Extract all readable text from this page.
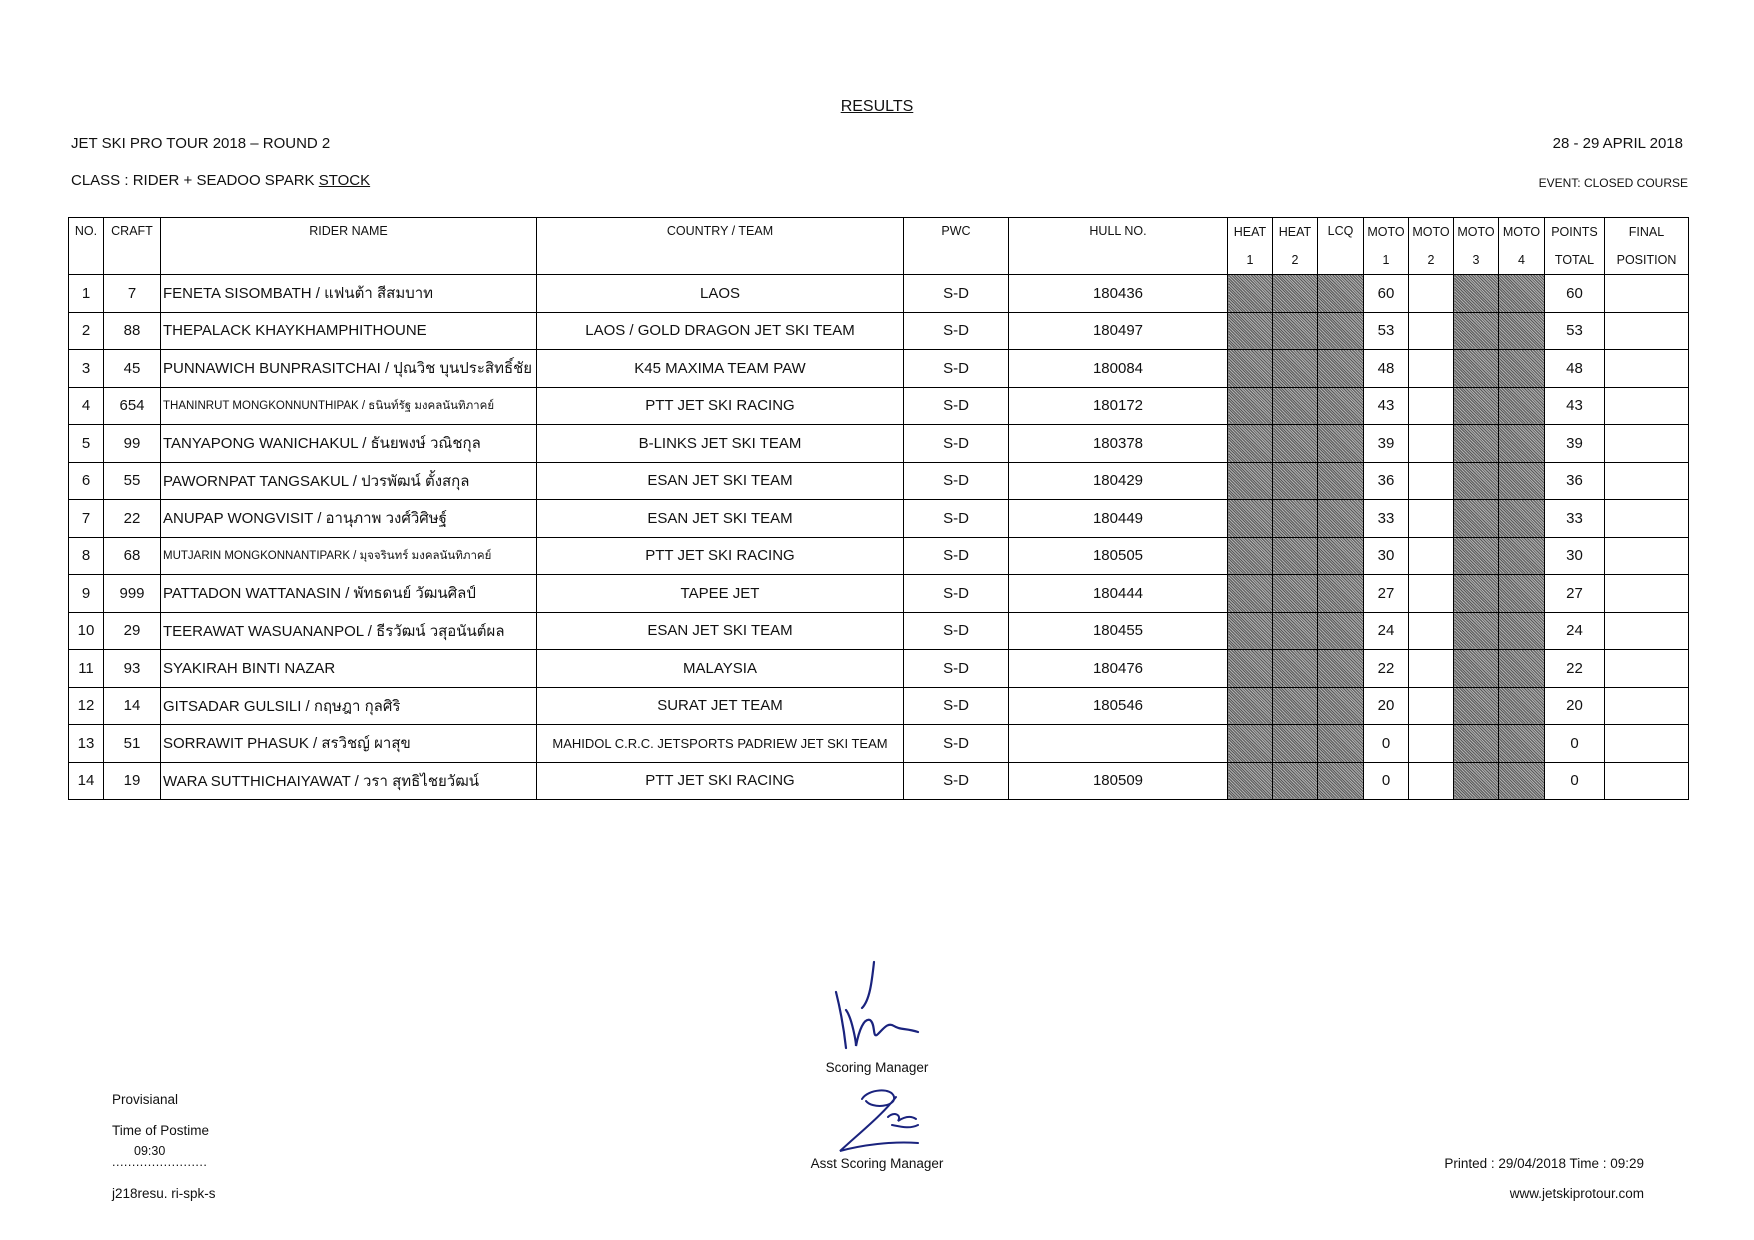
RESULTS
JET SKI PRO TOUR 2018 – ROUND 2	28 - 29 APRIL 2018
CLASS : RIDER + SEADOO SPARK STOCK	EVENT: CLOSED COURSE
NO.	CRAFT	RIDER NAME	COUNTRY / TEAM	PWC	HULL NO.	HEAT	HEAT	LCQ	MOTO	MOTO	MOTO	MOTO	POINTS	FINAL
						1	2		1	2	3	4	TOTAL	POSITION
1	7	FENETA SISOMBATH / แฟนต้า สีสมบาท	LAOS	S-D	180436				60				60	
2	88	THEPALACK KHAYKHAMPHITHOUNE	LAOS / GOLD DRAGON JET SKI TEAM	S-D	180497				53				53	
3	45	PUNNAWICH BUNPRASITCHAI / ปุณวิช บุนประสิทธิ์ชัย	K45 MAXIMA TEAM PAW	S-D	180084				48				48	
4	654	THANINRUT MONGKONNUNTHIPAK / ธนินท์รัฐ มงคลนันทิภาคย์	PTT JET SKI RACING	S-D	180172				43				43	
5	99	TANYAPONG WANICHAKUL / ธันยพงษ์ วณิชกุล	B-LINKS JET SKI TEAM	S-D	180378				39				39	
6	55	PAWORNPAT TANGSAKUL / ปวรพัฒน์ ตั้งสกุล	ESAN JET SKI TEAM	S-D	180429				36				36	
7	22	ANUPAP WONGVISIT / อานุภาพ วงศ์วิศิษฐ์	ESAN JET SKI TEAM	S-D	180449				33				33	
8	68	MUTJARIN MONGKONNANTIPARK / มุจจรินทร์ มงคลนันทิภาคย์	PTT JET SKI RACING	S-D	180505				30				30	
9	999	PATTADON WATTANASIN / พัทธดนย์ วัฒนศิลป์	TAPEE JET	S-D	180444				27				27	
10	29	TEERAWAT WASUANANPOL / ธีรวัฒน์ วสุอนันต์ผล	ESAN JET SKI TEAM	S-D	180455				24				24	
11	93	SYAKIRAH BINTI NAZAR	MALAYSIA	S-D	180476				22				22	
12	14	GITSADAR GULSILI / กฤษฎา กุลศิริ	SURAT JET TEAM	S-D	180546				20				20	
13	51	SORRAWIT PHASUK / สรวิชญ์ ผาสุข	MAHIDOL C.R.C. JETSPORTS PADRIEW JET SKI TEAM	S-D					0				0	
14	19	WARA SUTTHICHAIYAWAT / วรา สุทธิไชยวัฒน์	PTT JET SKI RACING	S-D	180509				0				0	
Scoring Manager
Asst Scoring Manager
Provisianal
Time of Postime
09:30
........................
j218resu. ri-spk-s
Printed : 29/04/2018 Time : 09:29
www.jetskiprotour.com
